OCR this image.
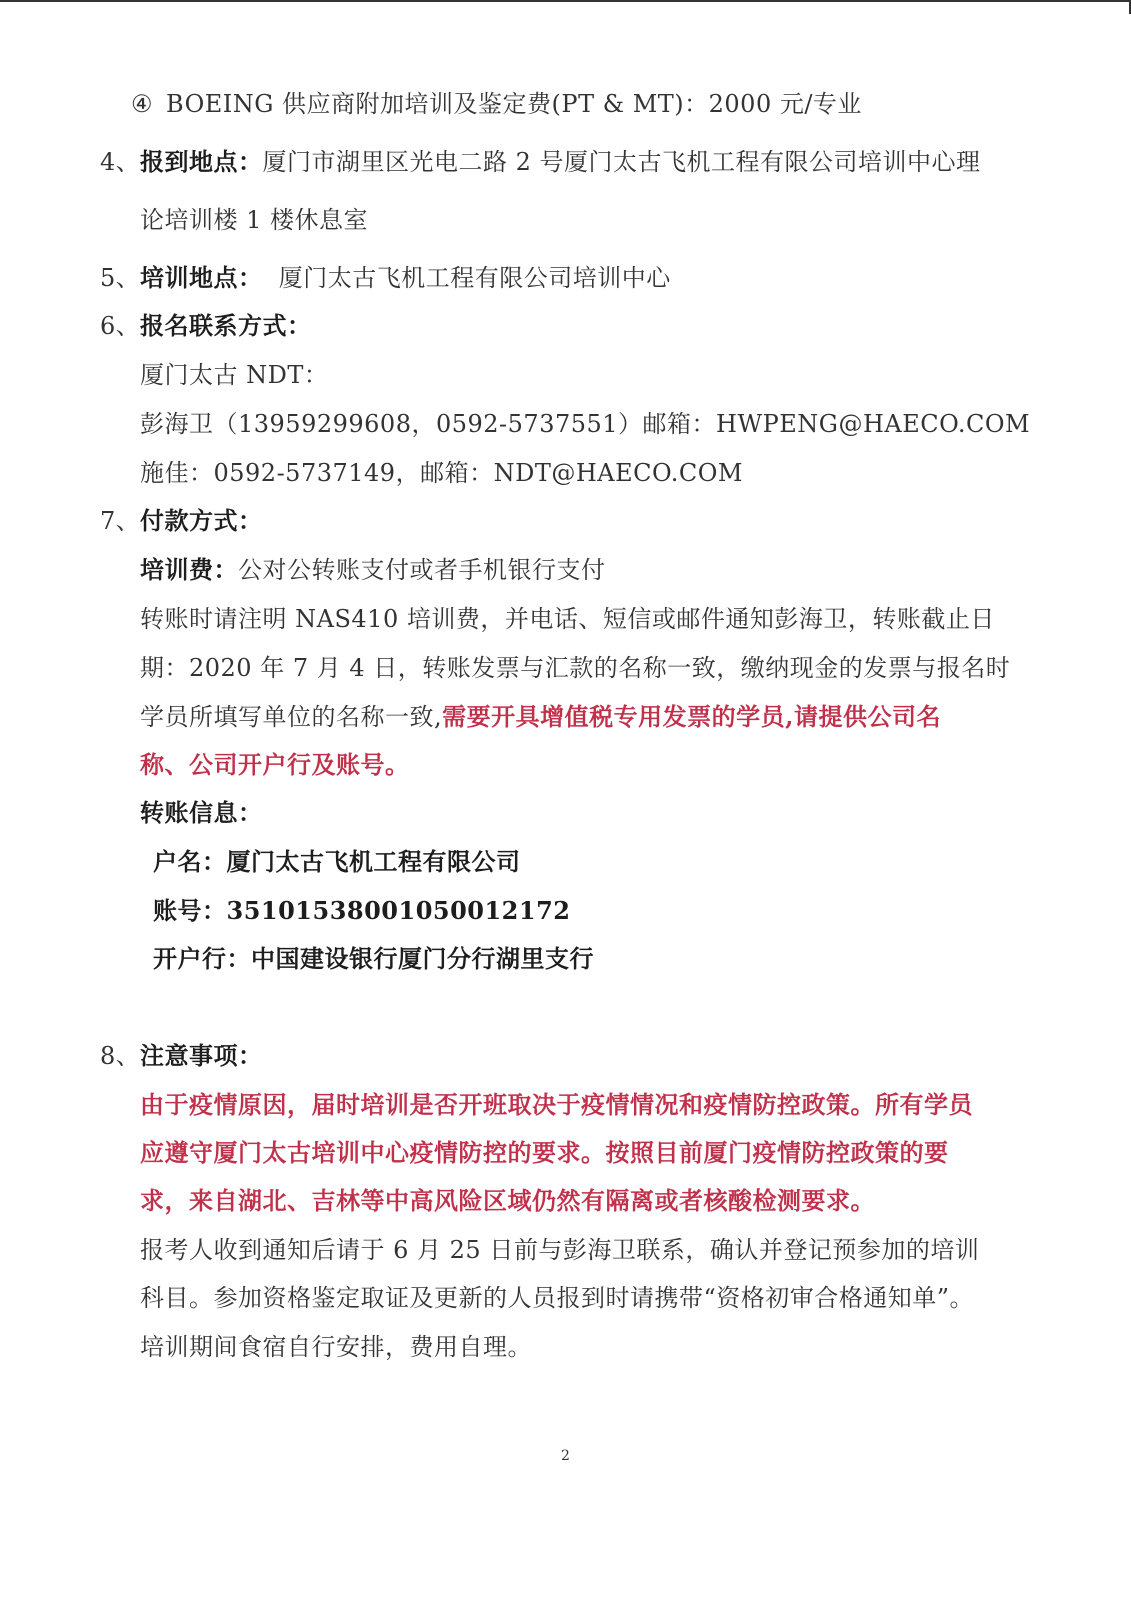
④ BOEING 供应商附加培训及鉴定费(PT & MT)：2000 元/专业
4、 报到地点：厦门市湖里区光电二路 2 号厦门太古飞机工程有限公司培训中心理
论培训楼 1 楼休息室
5、 培训地点： 厦门太古飞机工程有限公司培训中心
6、 报名联系方式：
厦门太古 NDT：
彭海卫（13959299608，0592-5737551）邮箱：HWPENG@HAECO.COM
施佳：0592-5737149，邮箱：NDT@HAECO.COM
7、 付款方式：
培训费：公对公转账支付或者手机银行支付
转账时请注明 NAS410 培训费，并电话、短信或邮件通知彭海卫，转账截止日
期：2020 年 7 月 4 日，转账发票与汇款的名称一致，缴纳现金的发票与报名时
学员所填写单位的名称一致,需要开具增值税专用发票的学员,请提供公司名
称、公司开户行及账号。
转账信息：
户名：厦门太古飞机工程有限公司
账号：35101538001050012172
开户行：中国建设银行厦门分行湖里支行
8、 注意事项：
由于疫情原因，届时培训是否开班取决于疫情情况和疫情防控政策。所有学员
应遵守厦门太古培训中心疫情防控的要求。按照目前厦门疫情防控政策的要
求，来自湖北、吉林等中高风险区域仍然有隔离或者核酸检测要求。
报考人收到通知后请于 6 月 25 日前与彭海卫联系，确认并登记预参加的培训
科目。参加资格鉴定取证及更新的人员报到时请携带“资格初审合格通知单”。
培训期间食宿自行安排，费用自理。
2
